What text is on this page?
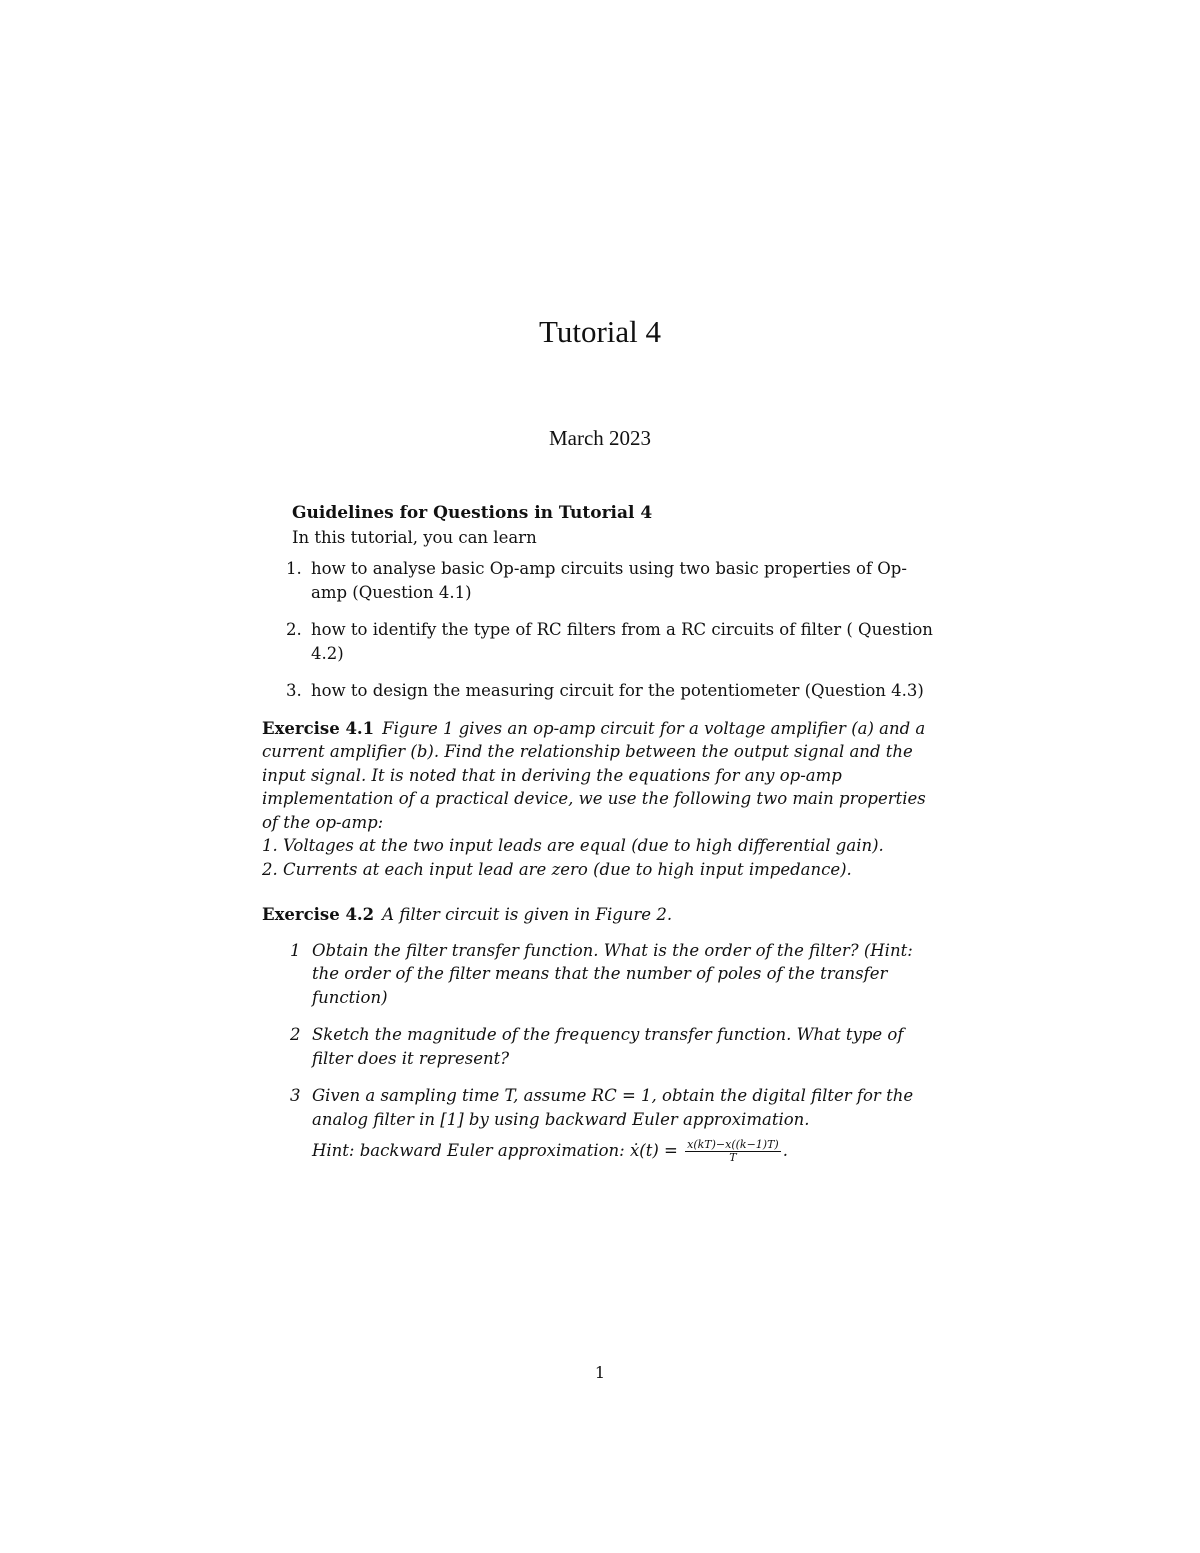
Tutorial 4
March 2023
Guidelines for Questions in Tutorial 4
In this tutorial, you can learn
1. how to analyse basic Op-amp circuits using two basic properties of Op-amp (Question 4.1)
2. how to identify the type of RC filters from a RC circuits of filter ( Question 4.2)
3. how to design the measuring circuit for the potentiometer (Question 4.3)
Exercise 4.1 Figure 1 gives an op-amp circuit for a voltage amplifier (a) and a current amplifier (b). Find the relationship between the output signal and the input signal. It is noted that in deriving the equations for any op-amp implementation of a practical device, we use the following two main properties of the op-amp:
1. Voltages at the two input leads are equal (due to high differential gain).
2. Currents at each input lead are zero (due to high input impedance).
Exercise 4.2 A filter circuit is given in Figure 2.
1 Obtain the filter transfer function. What is the order of the filter? (Hint: the order of the filter means that the number of poles of the transfer function)
2 Sketch the magnitude of the frequency transfer function. What type of filter does it represent?
3 Given a sampling time T, assume RC = 1, obtain the digital filter for the analog filter in [1] by using backward Euler approximation.
Hint: backward Euler approximation: ẋ(t) = $\frac{x(kT)-x((k-1)T)}{T}$ .
1
